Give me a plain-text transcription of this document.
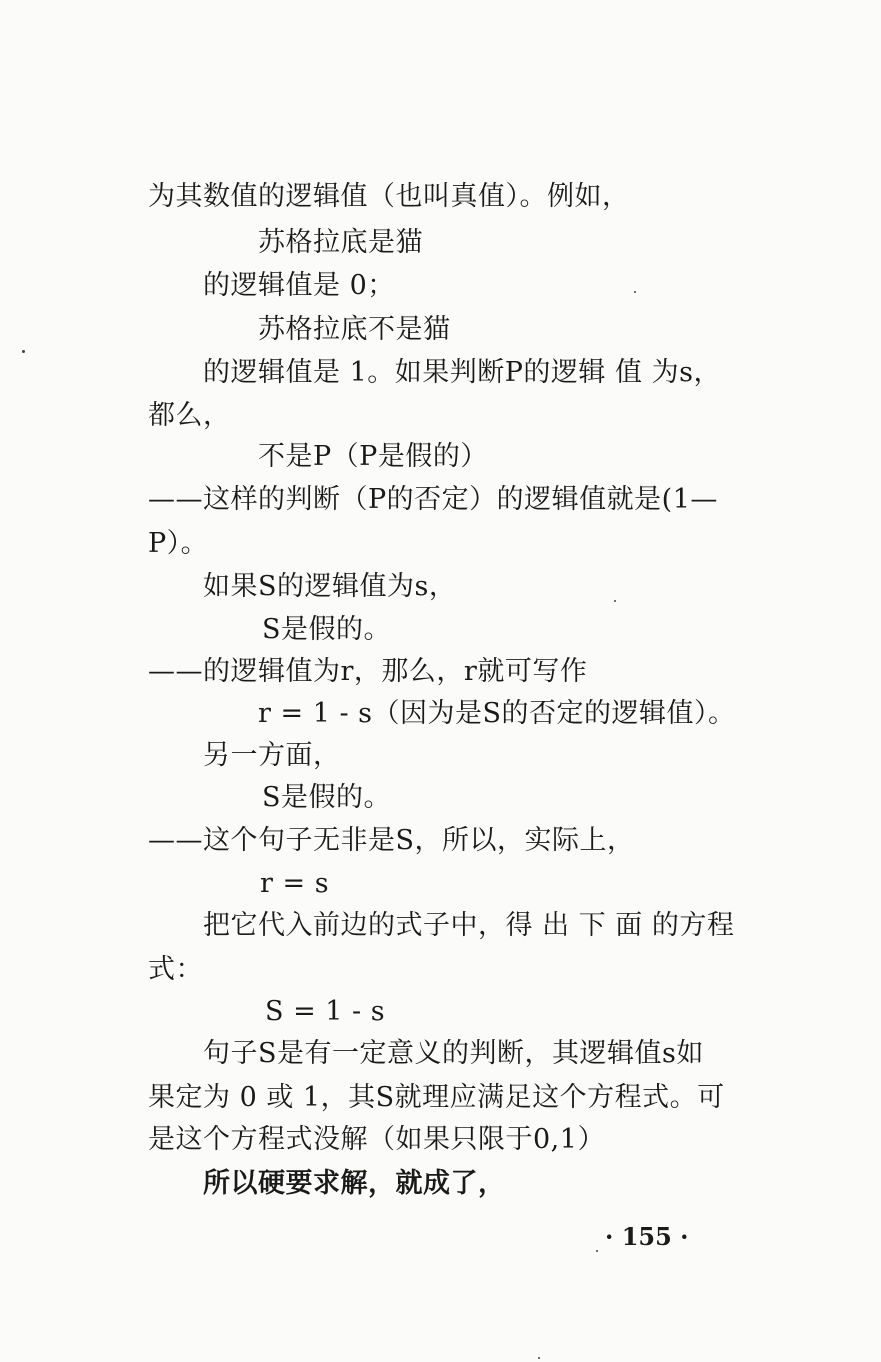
为其数值的逻辑值（也叫真值）。例如，
苏格拉底是猫
的逻辑值是 0；
苏格拉底不是猫
的逻辑值是 1。如果判断P的逻辑 值 为s，
都么，
不是P（P是假的）
——这样的判断（P的否定）的逻辑值就是(1—
P）。
如果S的逻辑值为s，
S是假的。
——的逻辑值为r，那么，r就可写作
r = 1 - s（因为是S的否定的逻辑值）。
另一方面，
S是假的。
——这个句子无非是S，所以，实际上，
r = s
把它代入前边的式子中，得 出 下 面 的方程
式：
S = 1 - s
句子S是有一定意义的判断，其逻辑值s如
果定为 0 或 1，其S就理应满足这个方程式。可
是这个方程式没解（如果只限于0,1）
所以硬要求解，就成了，
· 155 ·
